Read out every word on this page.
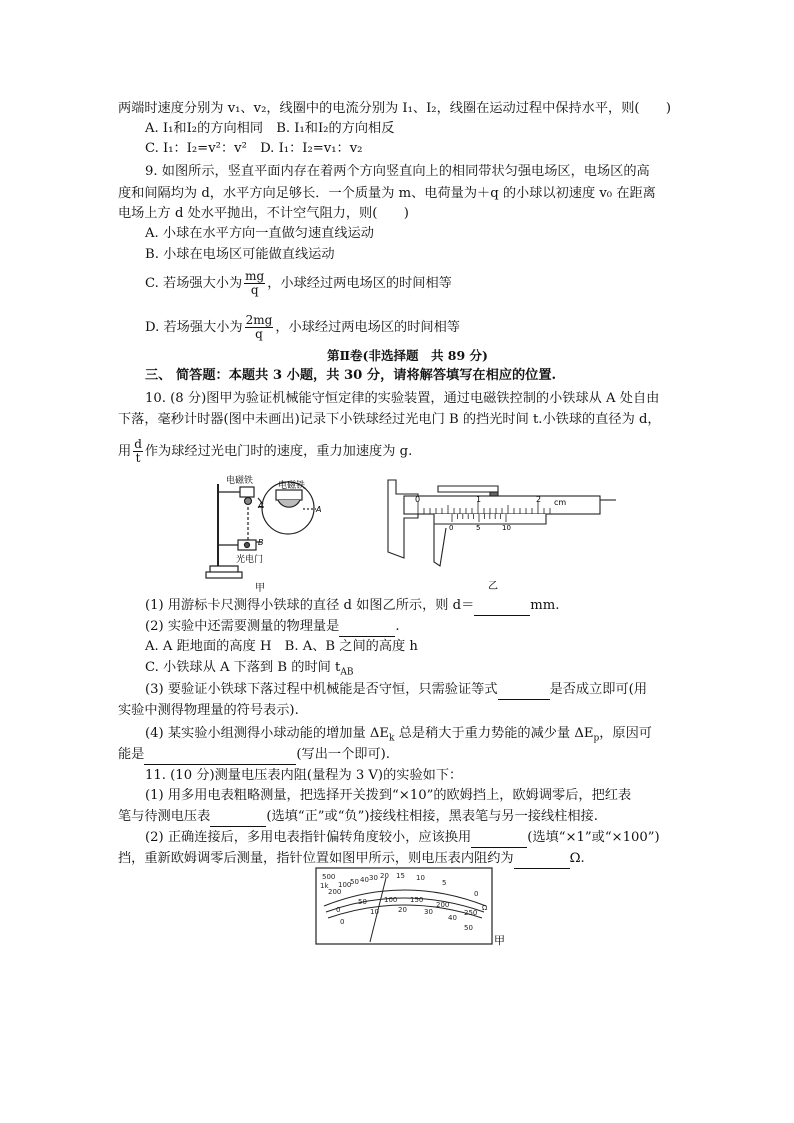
两端时速度分别为 v₁、v₂，线圈中的电流分别为 I₁、I₂，线圈在运动过程中保持水平，则(　　)
A. I₁和I₂的方向相同　B. I₁和I₂的方向相反
C. I₁：I₂=v²：v²　D. I₁：I₂=v₁：v₂
9. 如图所示，竖直平面内存在着两个方向竖直向上的相同带状匀强电场区，电场区的高
度和间隔均为 d，水平方向足够长．一个质量为 m、电荷量为＋q 的小球以初速度 v₀ 在距离
电场上方 d 处水平抛出，不计空气阻力，则(　　)
A. 小球在水平方向一直做匀速直线运动
B. 小球在电场区可能做直线运动
C. 若场强大小为 $\frac{mg}{q}$ ，小球经过两电场区的时间相等
D. 若场强大小为 $\frac{2mg}{q}$ ，小球经过两电场区的时间相等
第Ⅱ卷(非选择题　共 89 分)
三、 简答题：本题共 3 小题，共 30 分，请将解答填写在相应的位置.
10. (8 分)图甲为验证机械能守恒定律的实验装置，通过电磁铁控制的小铁球从 A 处自由
下落，毫秒计时器(图中未画出)记录下小铁球经过光电门 B 的挡光时间 t.小铁球的直径为 d，
用 $\frac{d}{t}$ 作为球经过光电门时的速度，重力加速度为 g.
电磁铁	电磁铁
A	A
B
光电门
甲
0	1	2 cm
0	5	10
乙
(1) 用游标卡尺测得小铁球的直径 d 如图乙所示，则 d＝	mm.
(2) 实验中还需要测量的物理量是	.
A. A 距地面的高度 H　B. A、B 之间的高度 h
C. 小铁球从 A 下落到 B 的时间 $t_{AB}$
(3) 要验证小铁球下落过程中机械能是否守恒，只需验证等式	是否成立即可(用
实验中测得物理量的符号表示).
(4) 某实验小组测得小球动能的增加量 $\Delta E_k$ 总是稍大于重力势能的减少量 $\Delta E_p$，原因可
能是	(写出一个即可).
11. (10 分)测量电压表内阻(量程为 3 V)的实验如下：
(1) 用多用电表粗略测量，把选择开关拨到“×10”的欧姆挡上，欧姆调零后，把红表
笔与待测电压表	(选填“正”或“负”)接线柱相接，黑表笔与另一接线柱相接.
(2) 正确连接后，多用电表指针偏转角度较小，应该换用	(选填“×1”或“×100”)
挡，重新欧姆调零后测量，指针位置如图甲所示，则电压表内阻约为	Ω.
500
1k
200
100
50 40 30 20 15 10
5
0
Ω
0
50 100 150
200
250
0
10	20 30
40
50
甲
